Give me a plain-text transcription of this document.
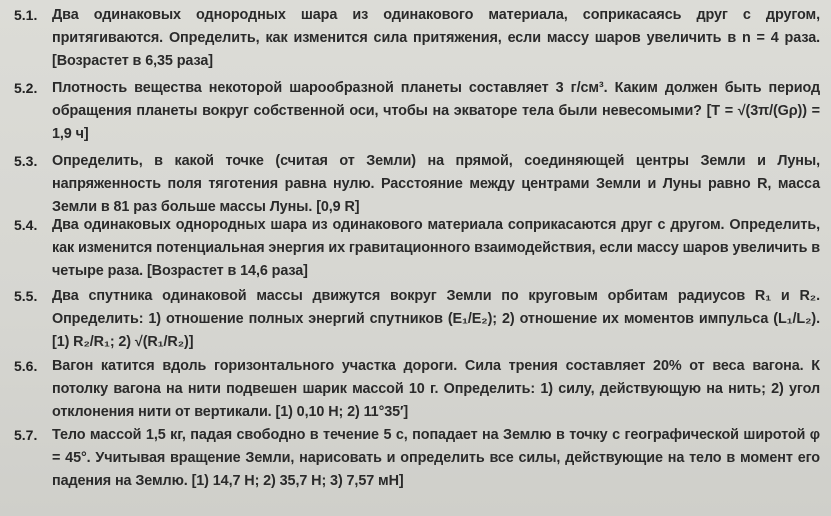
5.1. Два одинаковых однородных шара из одинакового материала, соприкасаясь друг с другом, притягиваются. Определить, как изменится сила притяжения, если массу шаров увеличить в n = 4 раза. [Возрастет в 6,35 раза]
5.2. Плотность вещества некоторой шарообразной планеты составляет 3 г/см³. Каким должен быть период обращения планеты вокруг собственной оси, чтобы на экваторе тела были невесомыми? [T = √(3π/(Gρ)) = 1,9 ч]
5.3. Определить, в какой точке (считая от Земли) на прямой, соединяющей центры Земли и Луны, напряженность поля тяготения равна нулю. Расстояние между центрами Земли и Луны равно R, масса Земли в 81 раз больше массы Луны. [0,9 R]
5.4. Два одинаковых однородных шара из одинакового материала соприкасаются друг с другом. Определить, как изменится потенциальная энергия их гравитационного взаимодействия, если массу шаров увеличить в четыре раза. [Возрастет в 14,6 раза]
5.5. Два спутника одинаковой массы движутся вокруг Земли по круговым орбитам радиусов R₁ и R₂. Определить: 1) отношение полных энергий спутников (E₁/E₂); 2) отношение их моментов импульса (L₁/L₂). [1) R₂/R₁; 2) √(R₁/R₂)]
5.6. Вагон катится вдоль горизонтального участка дороги. Сила трения составляет 20% от веса вагона. К потолку вагона на нити подвешен шарик массой 10 г. Определить: 1) силу, действующую на нить; 2) угол отклонения нити от вертикали. [1) 0,10 Н; 2) 11°35′]
5.7. Тело массой 1,5 кг, падая свободно в течение 5 с, попадает на Землю в точку с географической широтой φ = 45°. Учитывая вращение Земли, нарисовать и определить все силы, действующие на тело в момент его падения на Землю. [1) 14,7 Н; 2) 35,7 Н; 3) 7,57 мН]
